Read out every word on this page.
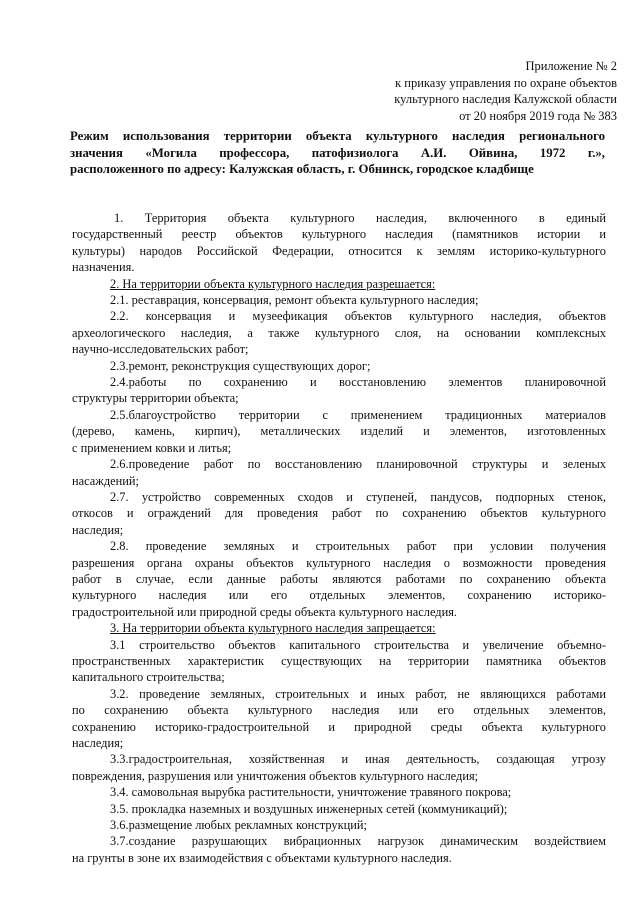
Приложение № 2
к приказу управления по охране объектов
культурного наследия Калужской области
от 20 ноября 2019 года № 383
Режим использования территории объекта культурного наследия регионального
значения «Могила профессора, патофизиолога А.И. Ойвина, 1972 г.»,
расположенного по адресу: Калужская область, г. Обнинск, городское кладбище
1. Территория объекта культурного наследия, включенного в единый
государственный реестр объектов культурного наследия (памятников истории и
культуры) народов Российской Федерации, относится к землям историко-культурного
назначения.
2. На территории объекта культурного наследия разрешается:
2.1. реставрация, консервация, ремонт объекта культурного наследия;
2.2. консервация и музеефикация объектов культурного наследия, объектов
археологического наследия, а также культурного слоя, на основании комплексных
научно-исследовательских работ;
2.3.ремонт, реконструкция существующих дорог;
2.4.работы по сохранению и восстановлению элементов планировочной
структуры территории объекта;
2.5.благоустройство территории с применением традиционных материалов
(дерево, камень, кирпич), металлических изделий и элементов, изготовленных
с применением ковки и литья;
2.6.проведение работ по восстановлению планировочной структуры и зеленых
насаждений;
2.7. устройство современных сходов и ступеней, пандусов, подпорных стенок,
откосов и ограждений для проведения работ по сохранению объектов культурного
наследия;
2.8. проведение земляных и строительных работ при условии получения
разрешения органа охраны объектов культурного наследия о возможности проведения
работ в случае, если данные работы являются работами по сохранению объекта
культурного наследия или его отдельных элементов, сохранению историко-
градостроительной или природной среды объекта культурного наследия.
3. На территории объекта культурного наследия запрещается:
3.1 строительство объектов капитального строительства и увеличение объемно-
пространственных характеристик существующих на территории памятника объектов
капитального строительства;
3.2. проведение земляных, строительных и иных работ, не являющихся работами
по сохранению объекта культурного наследия или его отдельных элементов,
сохранению историко-градостроительной и природной среды объекта культурного
наследия;
3.3.градостроительная, хозяйственная и иная деятельность, создающая угрозу
повреждения, разрушения или уничтожения объектов культурного наследия;
3.4. самовольная вырубка растительности, уничтожение травяного покрова;
3.5. прокладка наземных и воздушных инженерных сетей (коммуникаций);
3.6.размещение любых рекламных конструкций;
3.7.создание разрушающих вибрационных нагрузок динамическим воздействием
на грунты в зоне их взаимодействия с объектами культурного наследия.
